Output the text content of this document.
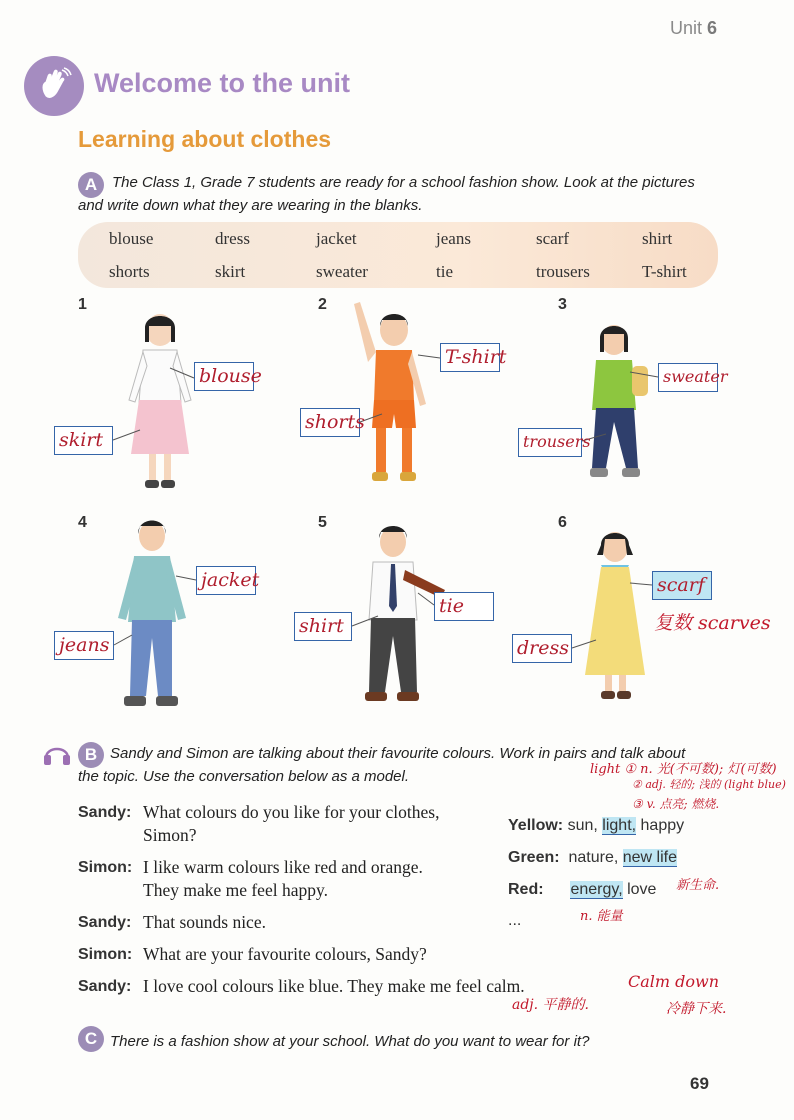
Unit 6
Welcome to the unit
Learning about clothes
A The Class 1, Grade 7 students are ready for a school fashion show. Look at the pictures and write down what they are wearing in the blanks.
blouse	dress	jacket	jeans	scarf	shirt
shorts	skirt	sweater	tie	trousers	T-shirt
1	2	3
4	5	6
blouse
skirt
T-shirt
shorts
sweater
trousers
jacket
jeans
tie
shirt
scarf
dress
复数 scarves
B Sandy and Simon are talking about their favourite colours. Work in pairs and talk about the topic. Use the conversation below as a model.
Sandy: What colours do you like for your clothes,
Simon?
Simon: I like warm colours like red and orange.
They make me feel happy.
Sandy: That sounds nice.
Simon: What are your favourite colours, Sandy?
Sandy: I love cool colours like blue. They make me feel calm.
Yellow: sun, light, happy
Green: nature, new life
Red: energy, love
...
light ① n. 光(不可数); 灯(可数)
② adj. 轻的; 浅的 (light blue)
③ v. 点亮; 燃烧.
新生命.
n. 能量
adj. 平静的.
Calm down
冷静下来.
C There is a fashion show at your school. What do you want to wear for it?
69
